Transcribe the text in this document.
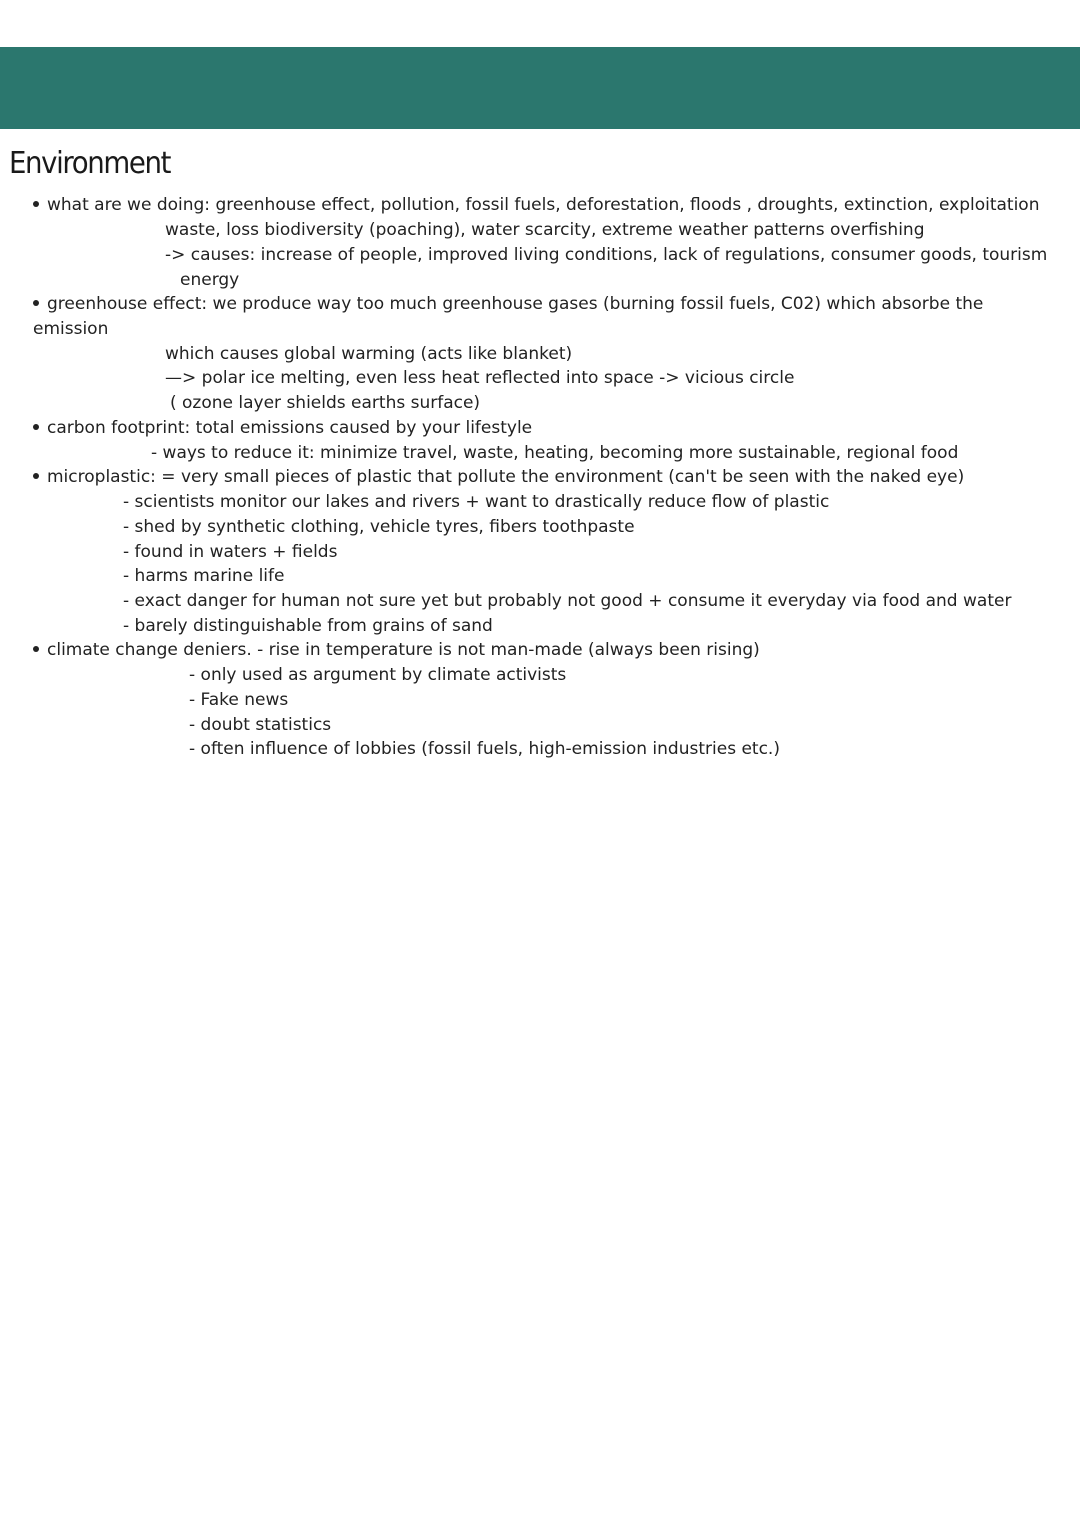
Environment
what are we doing: greenhouse effect, pollution, fossil fuels, deforestation, floods , droughts, extinction, exploitation
waste, loss biodiversity (poaching), water scarcity, extreme weather patterns overfishing
-> causes: increase of people, improved living conditions, lack of regulations, consumer goods, tourism
energy
greenhouse effect: we produce way too much greenhouse gases (burning fossil fuels, C02) which absorbe the
emission
which causes global warming (acts like blanket)
—> polar ice melting, even less heat reflected into space -> vicious circle
( ozone layer shields earths surface)
carbon footprint: total emissions caused by your lifestyle
- ways to reduce it: minimize travel, waste, heating, becoming more sustainable, regional food
microplastic: = very small pieces of plastic that pollute the environment (can't be seen with the naked eye)
- scientists monitor our lakes and rivers + want to drastically reduce flow of plastic
- shed by synthetic clothing, vehicle tyres, fibers toothpaste
- found in waters + fields
- harms marine life
- exact danger for human not sure yet but probably not good + consume it everyday via food and water
- barely distinguishable from grains of sand
climate change deniers. - rise in temperature is not man-made (always been rising)
- only used as argument by climate activists
- Fake news
- doubt statistics
- often influence of lobbies (fossil fuels, high-emission industries etc.)
